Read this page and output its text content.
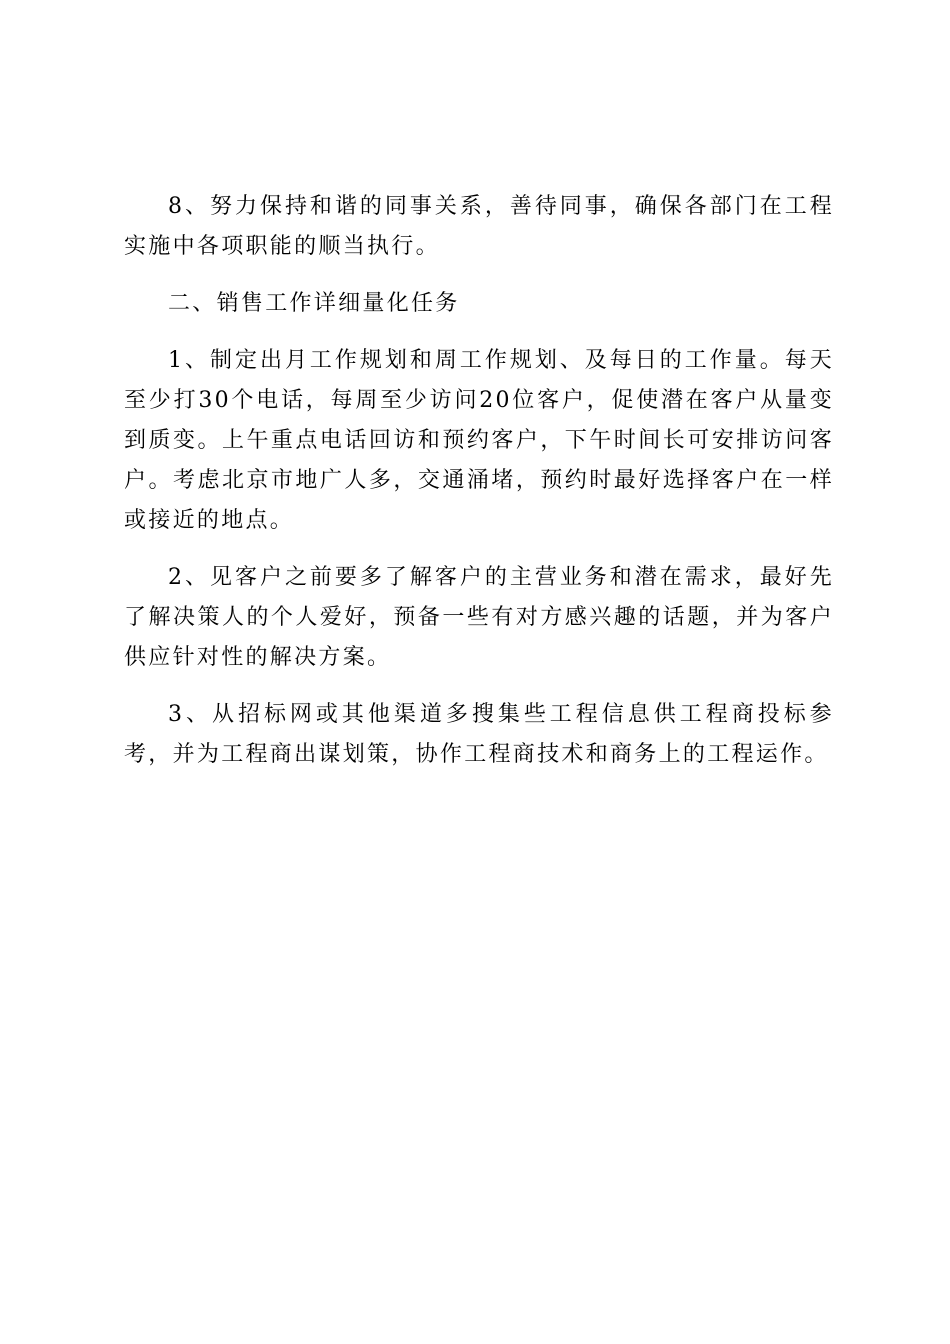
8、努力保持和谐的同事关系，善待同事，确保各部门在工程实施中各项职能的顺当执行。

二、销售工作详细量化任务

1、制定出月工作规划和周工作规划、及每日的工作量。每天至少打30个电话，每周至少访问20位客户，促使潜在客户从量变到质变。上午重点电话回访和预约客户，下午时间长可安排访问客户。考虑北京市地广人多，交通涌堵，预约时最好选择客户在一样或接近的地点。

2、见客户之前要多了解客户的主营业务和潜在需求，最好先了解决策人的个人爱好，预备一些有对方感兴趣的话题，并为客户供应针对性的解决方案。

3、从招标网或其他渠道多搜集些工程信息供工程商投标参考，并为工程商出谋划策，协作工程商技术和商务上的工程运作。
